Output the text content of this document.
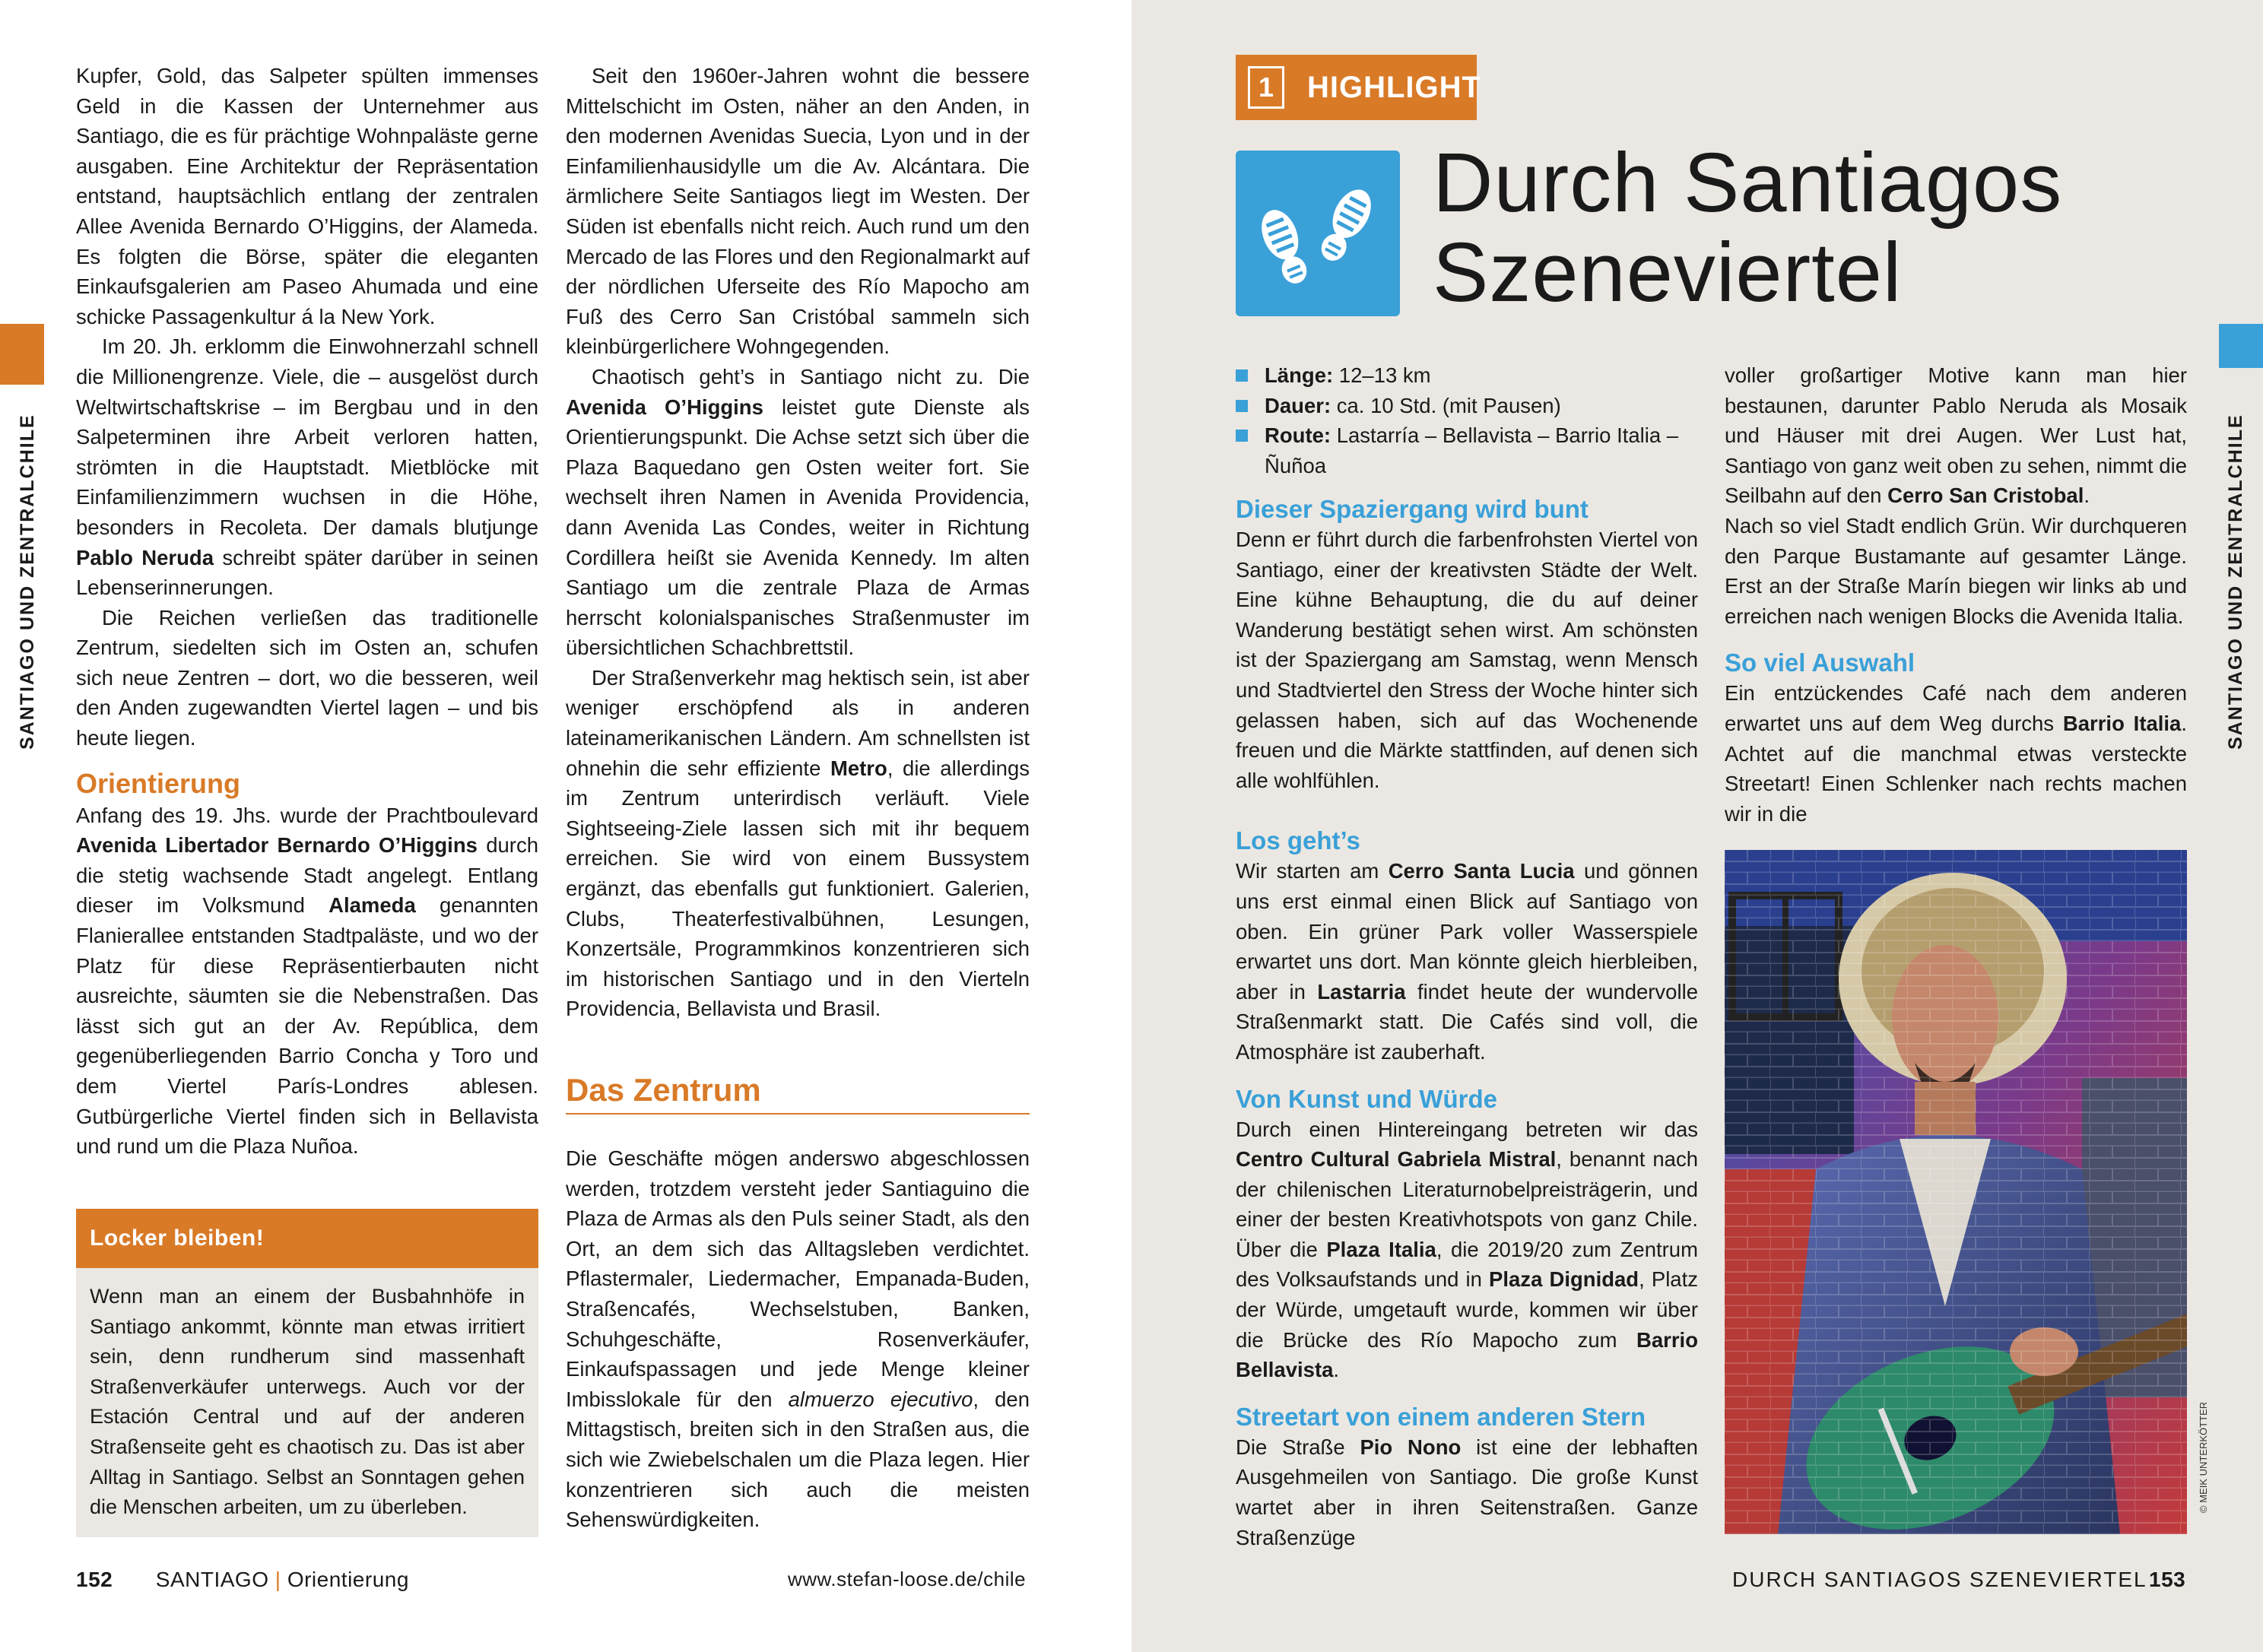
SANTIAGO UND ZENTRALCHILE

Kupfer, Gold, das Salpeter spülten immenses Geld in die Kassen der Unternehmer aus Santiago, die es für prächtige Wohnpaläste gerne ausgaben. Eine Architektur der Repräsentation entstand, hauptsächlich entlang der zentralen Allee Avenida Bernardo O’Higgins, der Alameda. Es folgten die Börse, später die eleganten Einkaufsgalerien am Paseo Ahumada und eine schicke Passagenkultur á la New York.

Im 20. Jh. erklomm die Einwohnerzahl schnell die Millionengrenze. Viele, die – ausgelöst durch Weltwirtschaftskrise – im Bergbau und in den Salpeterminen ihre Arbeit verloren hatten, strömten in die Hauptstadt. Mietblöcke mit Einfamilienzimmern wuchsen in die Höhe, besonders in Recoleta. Der damals blutjunge Pablo Neruda schreibt später darüber in seinen Lebenserinnerungen.

Die Reichen verließen das traditionelle Zentrum, siedelten sich im Osten an, schufen sich neue Zentren – dort, wo die besseren, weil den Anden zugewandten Viertel lagen – und bis heute liegen.

Orientierung

Anfang des 19. Jhs. wurde der Prachtboulevard Avenida Libertador Bernardo O’Higgins durch die stetig wachsende Stadt angelegt. Entlang dieser im Volksmund Alameda genannten Flanierallee entstanden Stadtpaläste, und wo der Platz für diese Repräsentierbauten nicht ausreichte, säumten sie die Nebenstraßen. Das lässt sich gut an der Av. República, dem gegenüberliegenden Barrio Concha y Toro und dem Viertel París-Londres ablesen. Gutbürgerliche Viertel finden sich in Bellavista und rund um die Plaza Nuñoa.

Locker bleiben!
Wenn man an einem der Busbahnhöfe in Santiago ankommt, könnte man etwas irritiert sein, denn rundherum sind massenhaft Straßenverkäufer unterwegs. Auch vor der Estación Central und auf der anderen Straßenseite geht es chaotisch zu. Das ist aber Alltag in Santiago. Selbst an Sonntagen gehen die Menschen arbeiten, um zu überleben.

Seit den 1960er-Jahren wohnt die bessere Mittelschicht im Osten, näher an den Anden, in den modernen Avenidas Suecia, Lyon und in der Einfamilienhausidylle um die Av. Alcántara. Die ärmlichere Seite Santiagos liegt im Westen. Der Süden ist ebenfalls nicht reich. Auch rund um den Mercado de las Flores und den Regionalmarkt auf der nördlichen Uferseite des Río Mapocho am Fuß des Cerro San Cristóbal sammeln sich kleinbürgerlichere Wohngegenden.

Chaotisch geht’s in Santiago nicht zu. Die Avenida O’Higgins leistet gute Dienste als Orientierungspunkt. Die Achse setzt sich über die Plaza Baquedano gen Osten weiter fort. Sie wechselt ihren Namen in Avenida Providencia, dann Avenida Las Condes, weiter in Richtung Cordillera heißt sie Avenida Kennedy. Im alten Santiago um die zentrale Plaza de Armas herrscht kolonialspanisches Straßenmuster im übersichtlichen Schachbrettstil.

Der Straßenverkehr mag hektisch sein, ist aber weniger erschöpfend als in anderen lateinamerikanischen Ländern. Am schnellsten ist ohnehin die sehr effiziente Metro, die allerdings im Zentrum unterirdisch verläuft. Viele Sightseeing-Ziele lassen sich mit ihr bequem erreichen. Sie wird von einem Bussystem ergänzt, das ebenfalls gut funktioniert. Galerien, Clubs, Theaterfestivalbühnen, Lesungen, Konzertsäle, Programmkinos konzentrieren sich im historischen Santiago und in den Vierteln Providencia, Bellavista und Brasil.

Das Zentrum

Die Geschäfte mögen anderswo abgeschlossen werden, trotzdem versteht jeder Santiaguino die Plaza de Armas als den Puls seiner Stadt, als den Ort, an dem sich das Alltagsleben verdichtet. Pflastermaler, Liedermacher, Empanada-Buden, Straßencafés, Wechselstuben, Banken, Schuhgeschäfte, Rosenverkäufer, Einkaufspassagen und jede Menge kleiner Imbisslokale für den almuerzo ejecutivo, den Mittagstisch, breiten sich in den Straßen aus, die sich wie Zwiebelschalen um die Plaza legen. Hier konzentrieren sich auch die meisten Sehenswürdigkeiten.

152 SANTIAGO | Orientierung	www.stefan-loose.de/chile
SANTIAGO UND ZENTRALCHILE
1	HIGHLIGHT
Durch Santiagos
Szeneviertel
Länge: 12–13 km
Dauer: ca. 10 Std. (mit Pausen)
Route: Lastarría – Bellavista – Barrio Italia – Ñuñoa
Dieser Spaziergang wird bunt

Denn er führt durch die farbenfrohsten Viertel von Santiago, einer der kreativsten Städte der Welt. Eine kühne Behauptung, die du auf deiner Wanderung bestätigt sehen wirst. Am schönsten ist der Spaziergang am Samstag, wenn Mensch und Stadtviertel den Stress der Woche hinter sich gelassen haben, sich auf das Wochenende freuen und die Märkte stattfinden, auf denen sich alle wohlfühlen.

Los geht’s

Wir starten am Cerro Santa Lucia und gönnen uns erst einmal einen Blick auf Santiago von oben. Ein grüner Park voller Wasserspiele erwartet uns dort. Man könnte gleich hierbleiben, aber in Lastarria findet heute der wundervolle Straßenmarkt statt. Die Cafés sind voll, die Atmosphäre ist zauberhaft.

Von Kunst und Würde

Durch einen Hintereingang betreten wir das Centro Cultural Gabriela Mistral, benannt nach der chilenischen Literaturnobelpreisträgerin, und einer der besten Kreativhotspots von ganz Chile. Über die Plaza Italia, die 2019/20 zum Zentrum des Volksaufstands und in Plaza Dignidad, Platz der Würde, umgetauft wurde, kommen wir über die Brücke des Río Mapocho zum Barrio Bellavista.

Streetart von einem anderen Stern

Die Straße Pio Nono ist eine der lebhaften Ausgehmeilen von Santiago. Die große Kunst wartet aber in ihren Seitenstraßen. Ganze Straßenzüge

voller großartiger Motive kann man hier bestaunen, darunter Pablo Neruda als Mosaik und Häuser mit drei Augen. Wer Lust hat, Santiago von ganz weit oben zu sehen, nimmt die Seilbahn auf den Cerro San Cristobal.

Nach so viel Stadt endlich Grün. Wir durchqueren den Parque Bustamante auf gesamter Länge. Erst an der Straße Marín biegen wir links ab und erreichen nach wenigen Blocks die Avenida Italia.

So viel Auswahl

Ein entzückendes Café nach dem anderen erwartet uns auf dem Weg durchs Barrio Italia. Achtet auf die manchmal etwas versteckte Streetart! Einen Schlenker nach rechts machen wir in die

© MEIK UNTERKÖTTER
DURCH SANTIAGOS SZENEVIERTEL 153
